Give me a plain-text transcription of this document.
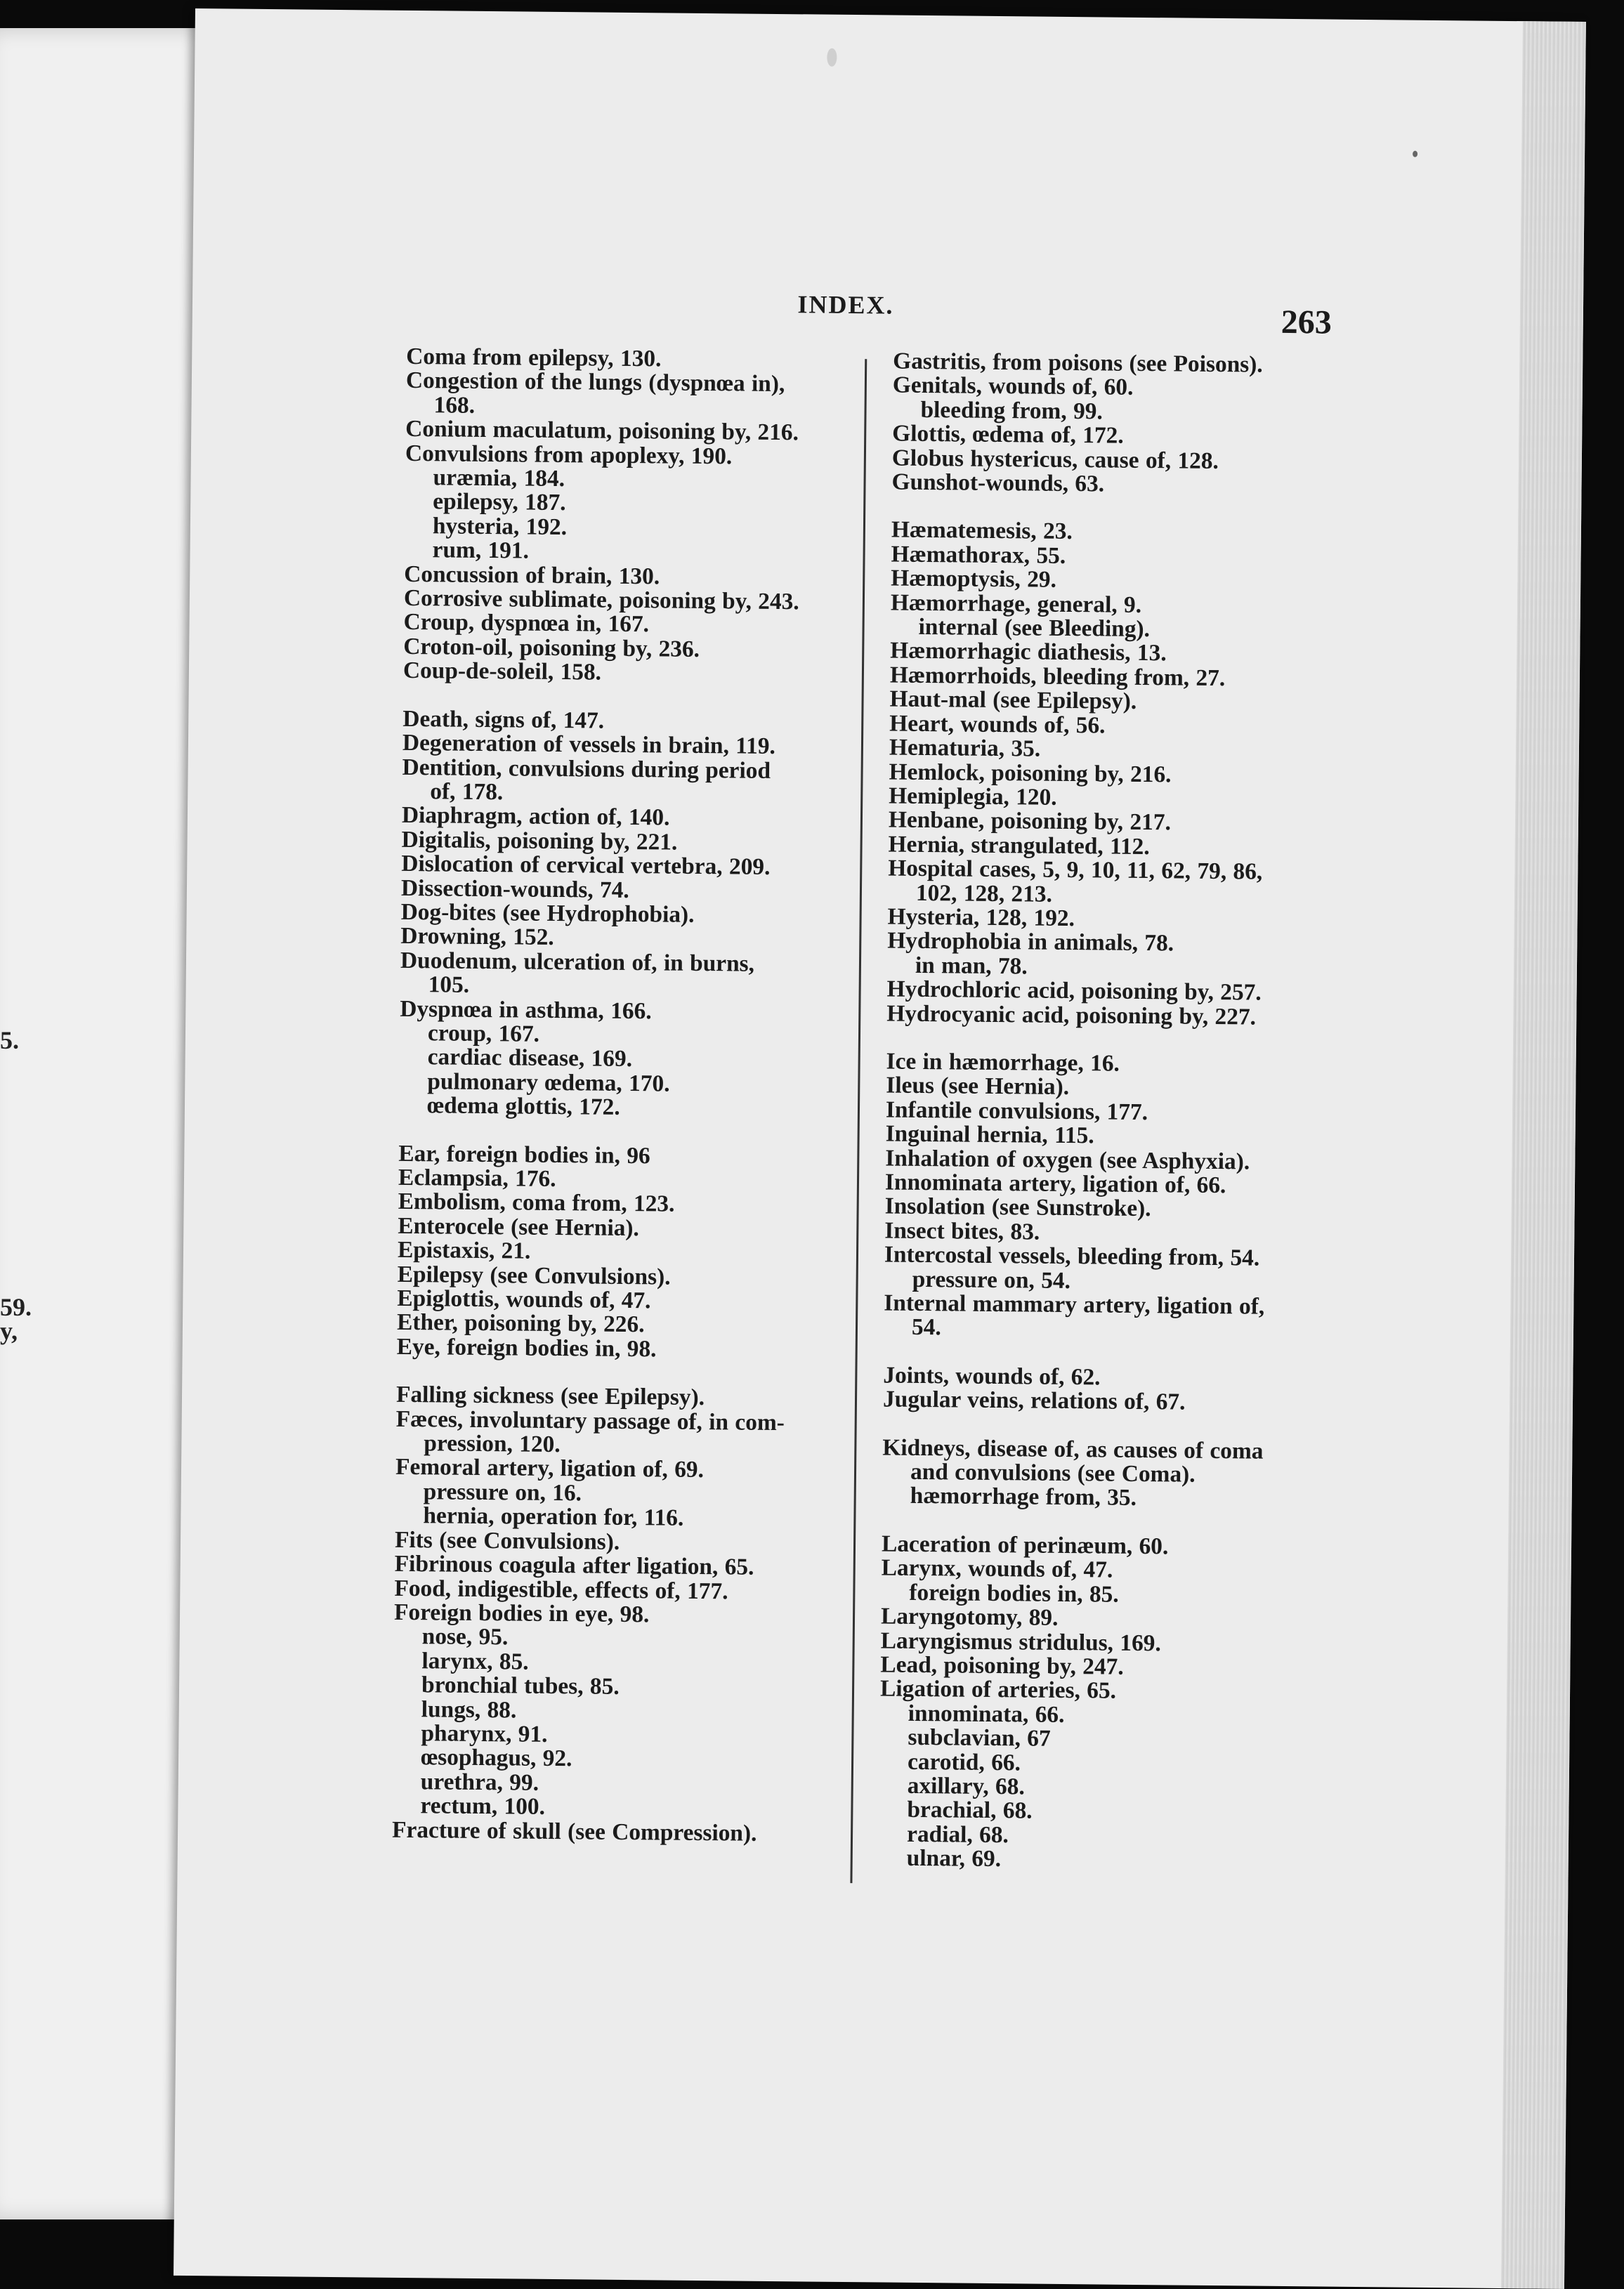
5.
59.
y,
INDEX.	263
Coma from epilepsy, 130.
Congestion of the lungs (dyspnœa in),
168.
Conium maculatum, poisoning by, 216.
Convulsions from apoplexy, 190.
uræmia, 184.
epilepsy, 187.
hysteria, 192.
rum, 191.
Concussion of brain, 130.
Corrosive sublimate, poisoning by, 243.
Croup, dyspnœa in, 167.
Croton-oil, poisoning by, 236.
Coup-de-soleil, 158.
Death, signs of, 147.
Degeneration of vessels in brain, 119.
Dentition, convulsions during period
of, 178.
Diaphragm, action of, 140.
Digitalis, poisoning by, 221.
Dislocation of cervical vertebra, 209.
Dissection-wounds, 74.
Dog-bites (see Hydrophobia).
Drowning, 152.
Duodenum, ulceration of, in burns,
105.
Dyspnœa in asthma, 166.
croup, 167.
cardiac disease, 169.
pulmonary œdema, 170.
œdema glottis, 172.
Ear, foreign bodies in, 96
Eclampsia, 176.
Embolism, coma from, 123.
Enterocele (see Hernia).
Epistaxis, 21.
Epilepsy (see Convulsions).
Epiglottis, wounds of, 47.
Ether, poisoning by, 226.
Eye, foreign bodies in, 98.
Falling sickness (see Epilepsy).
Fæces, involuntary passage of, in com-
pression, 120.
Femoral artery, ligation of, 69.
pressure on, 16.
hernia, operation for, 116.
Fits (see Convulsions).
Fibrinous coagula after ligation, 65.
Food, indigestible, effects of, 177.
Foreign bodies in eye, 98.
nose, 95.
larynx, 85.
bronchial tubes, 85.
lungs, 88.
pharynx, 91.
œsophagus, 92.
urethra, 99.
rectum, 100.
Fracture of skull (see Compression).
Gastritis, from poisons (see Poisons).
Genitals, wounds of, 60.
bleeding from, 99.
Glottis, œdema of, 172.
Globus hystericus, cause of, 128.
Gunshot-wounds, 63.
Hæmatemesis, 23.
Hæmathorax, 55.
Hæmoptysis, 29.
Hæmorrhage, general, 9.
internal (see Bleeding).
Hæmorrhagic diathesis, 13.
Hæmorrhoids, bleeding from, 27.
Haut-mal (see Epilepsy).
Heart, wounds of, 56.
Hematuria, 35.
Hemlock, poisoning by, 216.
Hemiplegia, 120.
Henbane, poisoning by, 217.
Hernia, strangulated, 112.
Hospital cases, 5, 9, 10, 11, 62, 79, 86,
102, 128, 213.
Hysteria, 128, 192.
Hydrophobia in animals, 78.
in man, 78.
Hydrochloric acid, poisoning by, 257.
Hydrocyanic acid, poisoning by, 227.
Ice in hæmorrhage, 16.
Ileus (see Hernia).
Infantile convulsions, 177.
Inguinal hernia, 115.
Inhalation of oxygen (see Asphyxia).
Innominata artery, ligation of, 66.
Insolation (see Sunstroke).
Insect bites, 83.
Intercostal vessels, bleeding from, 54.
pressure on, 54.
Internal mammary artery, ligation of,
54.
Joints, wounds of, 62.
Jugular veins, relations of, 67.
Kidneys, disease of, as causes of coma
and convulsions (see Coma).
hæmorrhage from, 35.
Laceration of perinæum, 60.
Larynx, wounds of, 47.
foreign bodies in, 85.
Laryngotomy, 89.
Laryngismus stridulus, 169.
Lead, poisoning by, 247.
Ligation of arteries, 65.
innominata, 66.
subclavian, 67
carotid, 66.
axillary, 68.
brachial, 68.
radial, 68.
ulnar, 69.
